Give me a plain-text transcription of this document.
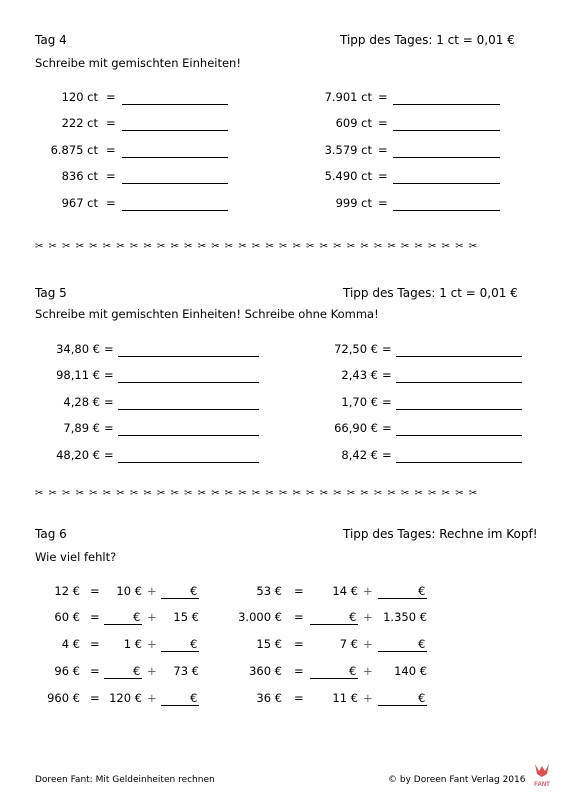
Tag 4	Tipp des Tages: 1 ct = 0,01 €
Schreibe mit gemischten Einheiten!
120 ct =	7.901 ct =
222 ct =	609 ct =
6.875 ct =	3.579 ct =
836 ct =	5.490 ct =
967 ct =	999 ct =
✂ ✂ ✂ ✂ ✂ ✂ ✂ ✂ ✂ ✂ ✂ ✂ ✂ ✂ ✂ ✂ ✂ ✂ ✂ ✂ ✂ ✂ ✂ ✂ ✂ ✂ ✂ ✂ ✂ ✂ ✂ ✂ ✂
Tag 5	Tipp des Tages: 1 ct = 0,01 €
Schreibe mit gemischten Einheiten! Schreibe ohne Komma!
34,80 € =	72,50 € =
98,11 € =	2,43 € =
4,28 € =	1,70 € =
7,89 € =	66,90 € =
48,20 € =	8,42 € =
✂ ✂ ✂ ✂ ✂ ✂ ✂ ✂ ✂ ✂ ✂ ✂ ✂ ✂ ✂ ✂ ✂ ✂ ✂ ✂ ✂ ✂ ✂ ✂ ✂ ✂ ✂ ✂ ✂ ✂ ✂ ✂ ✂
Tag 6	Tipp des Tages: Rechne im Kopf!
Wie viel fehlt?
12 € =	10 € +	€	53 € =	14 € +	€
60 € =	€ +	15 €	3.000 € =	€ + 1.350 €
4 € =	1 € +	€	15 € =	7 € +	€
96 € =	€ +	73 €	360 € =	€ +	140 €
960 € = 120 € +	€	36 € =	11 € +	€
Doreen Fant: Mit Geldeinheiten rechnen	© by Doreen Fant Verlag 2016 FANT
